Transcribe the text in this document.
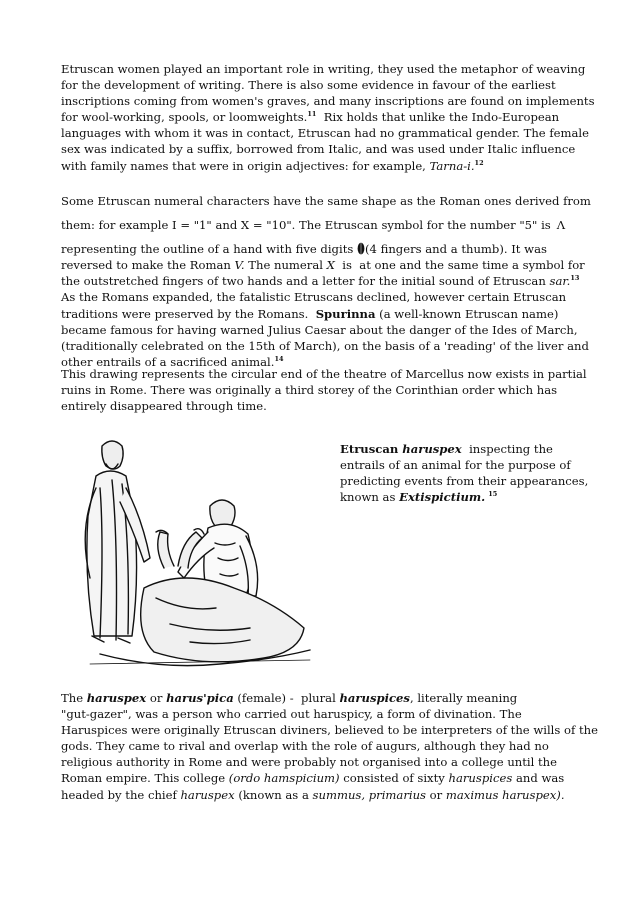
Etruscan women played an important role in writing, they used the metaphor of weaving
for the development of writing. There is also some evidence in favour of the earliest
inscriptions coming from women's graves, and many inscriptions are found on implements
for wool-working, spools, or loomweights.$^{11}$  Rix holds that unlike the Indo-European
languages with whom it was in contact, Etruscan had no grammatical gender. The female
sex was indicated by a suffix, borrowed from Italic, and was used under Italic influence
with family names that were in origin adjectives: for example, Tarna-i.$^{12}$

Some Etruscan numeral characters have the same shape as the Roman ones derived from
them: for example I = "1" and X = "10". The Etruscan symbol for the number "5" is Λ
representing the outline of a hand with five digits (4 fingers and a thumb). It was
reversed to make the Roman V. The numeral X  is  at one and the same time a symbol for
the outstretched fingers of two hands and a letter for the initial sound of Etruscan sar.$^{13}$
As the Romans expanded, the fatalistic Etruscans declined, however certain Etruscan
traditions were preserved by the Romans.  Spurinna (a well-known Etruscan name)
became famous for having warned Julius Caesar about the danger of the Ides of March,
(traditionally celebrated on the 15th of March), on the basis of a 'reading' of the liver and
other entrails of a sacrificed animal.$^{14}$

This drawing represents the circular end of the theatre of Marcellus now exists in partial
ruins in Rome. There was originally a third storey of the Corinthian order which has
entirely disappeared through time.

Etruscan haruspex  inspecting the
entrails of an animal for the purpose of
predicting events from their appearances,
known as Extispictium. $^{15}$

The haruspex or harus'pica (female) -  plural haruspices, literally meaning
"gut-gazer", was a person who carried out haruspicy, a form of divination. The
Haruspices were originally Etruscan diviners, believed to be interpreters of the wills of the
gods. They came to rival and overlap with the role of augurs, although they had no
religious authority in Rome and were probably not organised into a college until the
Roman empire. This college (ordo hamspicium) consisted of sixty haruspices and was
headed by the chief haruspex (known as a summus, primarius or maximus haruspex).
